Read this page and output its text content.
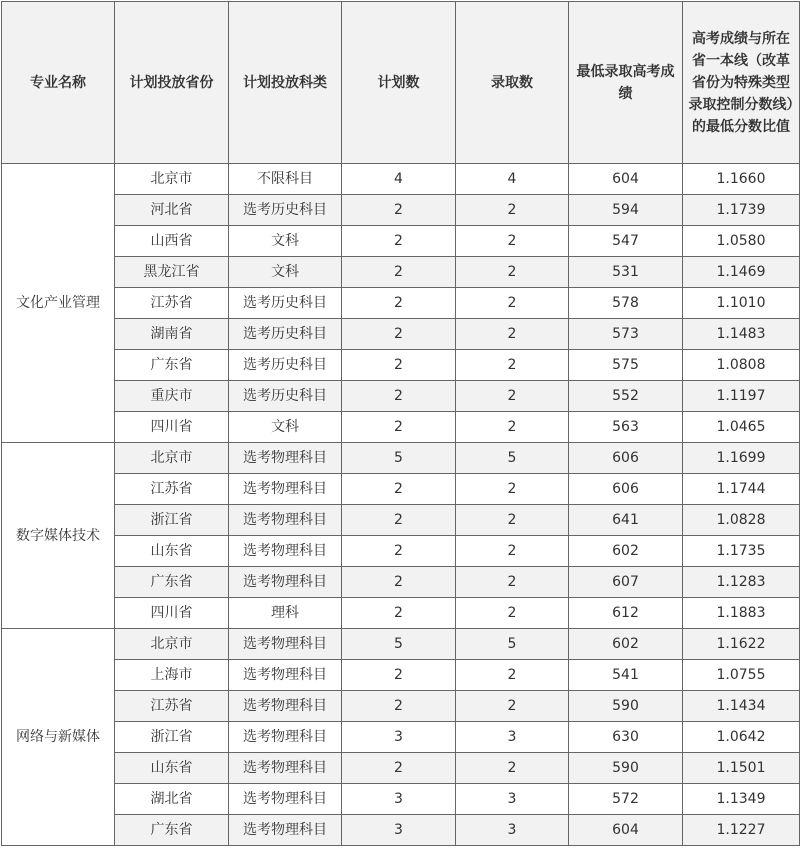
专业名称	计划投放省份	计划投放科类	计划数	录取数	最低录取高考成绩	高考成绩与所在省一本线（改革省份为特殊类型录取控制分数线）的最低分数比值
文化产业管理	北京市	不限科目	4	4	604	1.1660
	河北省	选考历史科目	2	2	594	1.1739
	山西省	文科	2	2	547	1.0580
	黑龙江省	文科	2	2	531	1.1469
	江苏省	选考历史科目	2	2	578	1.1010
	湖南省	选考历史科目	2	2	573	1.1483
	广东省	选考历史科目	2	2	575	1.0808
	重庆市	选考历史科目	2	2	552	1.1197
	四川省	文科	2	2	563	1.0465
数字媒体技术	北京市	选考物理科目	5	5	606	1.1699
	江苏省	选考物理科目	2	2	606	1.1744
	浙江省	选考物理科目	2	2	641	1.0828
	山东省	选考物理科目	2	2	602	1.1735
	广东省	选考物理科目	2	2	607	1.1283
	四川省	理科	2	2	612	1.1883
网络与新媒体	北京市	选考物理科目	5	5	602	1.1622
	上海市	选考物理科目	2	2	541	1.0755
	江苏省	选考物理科目	2	2	590	1.1434
	浙江省	选考物理科目	3	3	630	1.0642
	山东省	选考物理科目	2	2	590	1.1501
	湖北省	选考物理科目	3	3	572	1.1349
	广东省	选考物理科目	3	3	604	1.1227
